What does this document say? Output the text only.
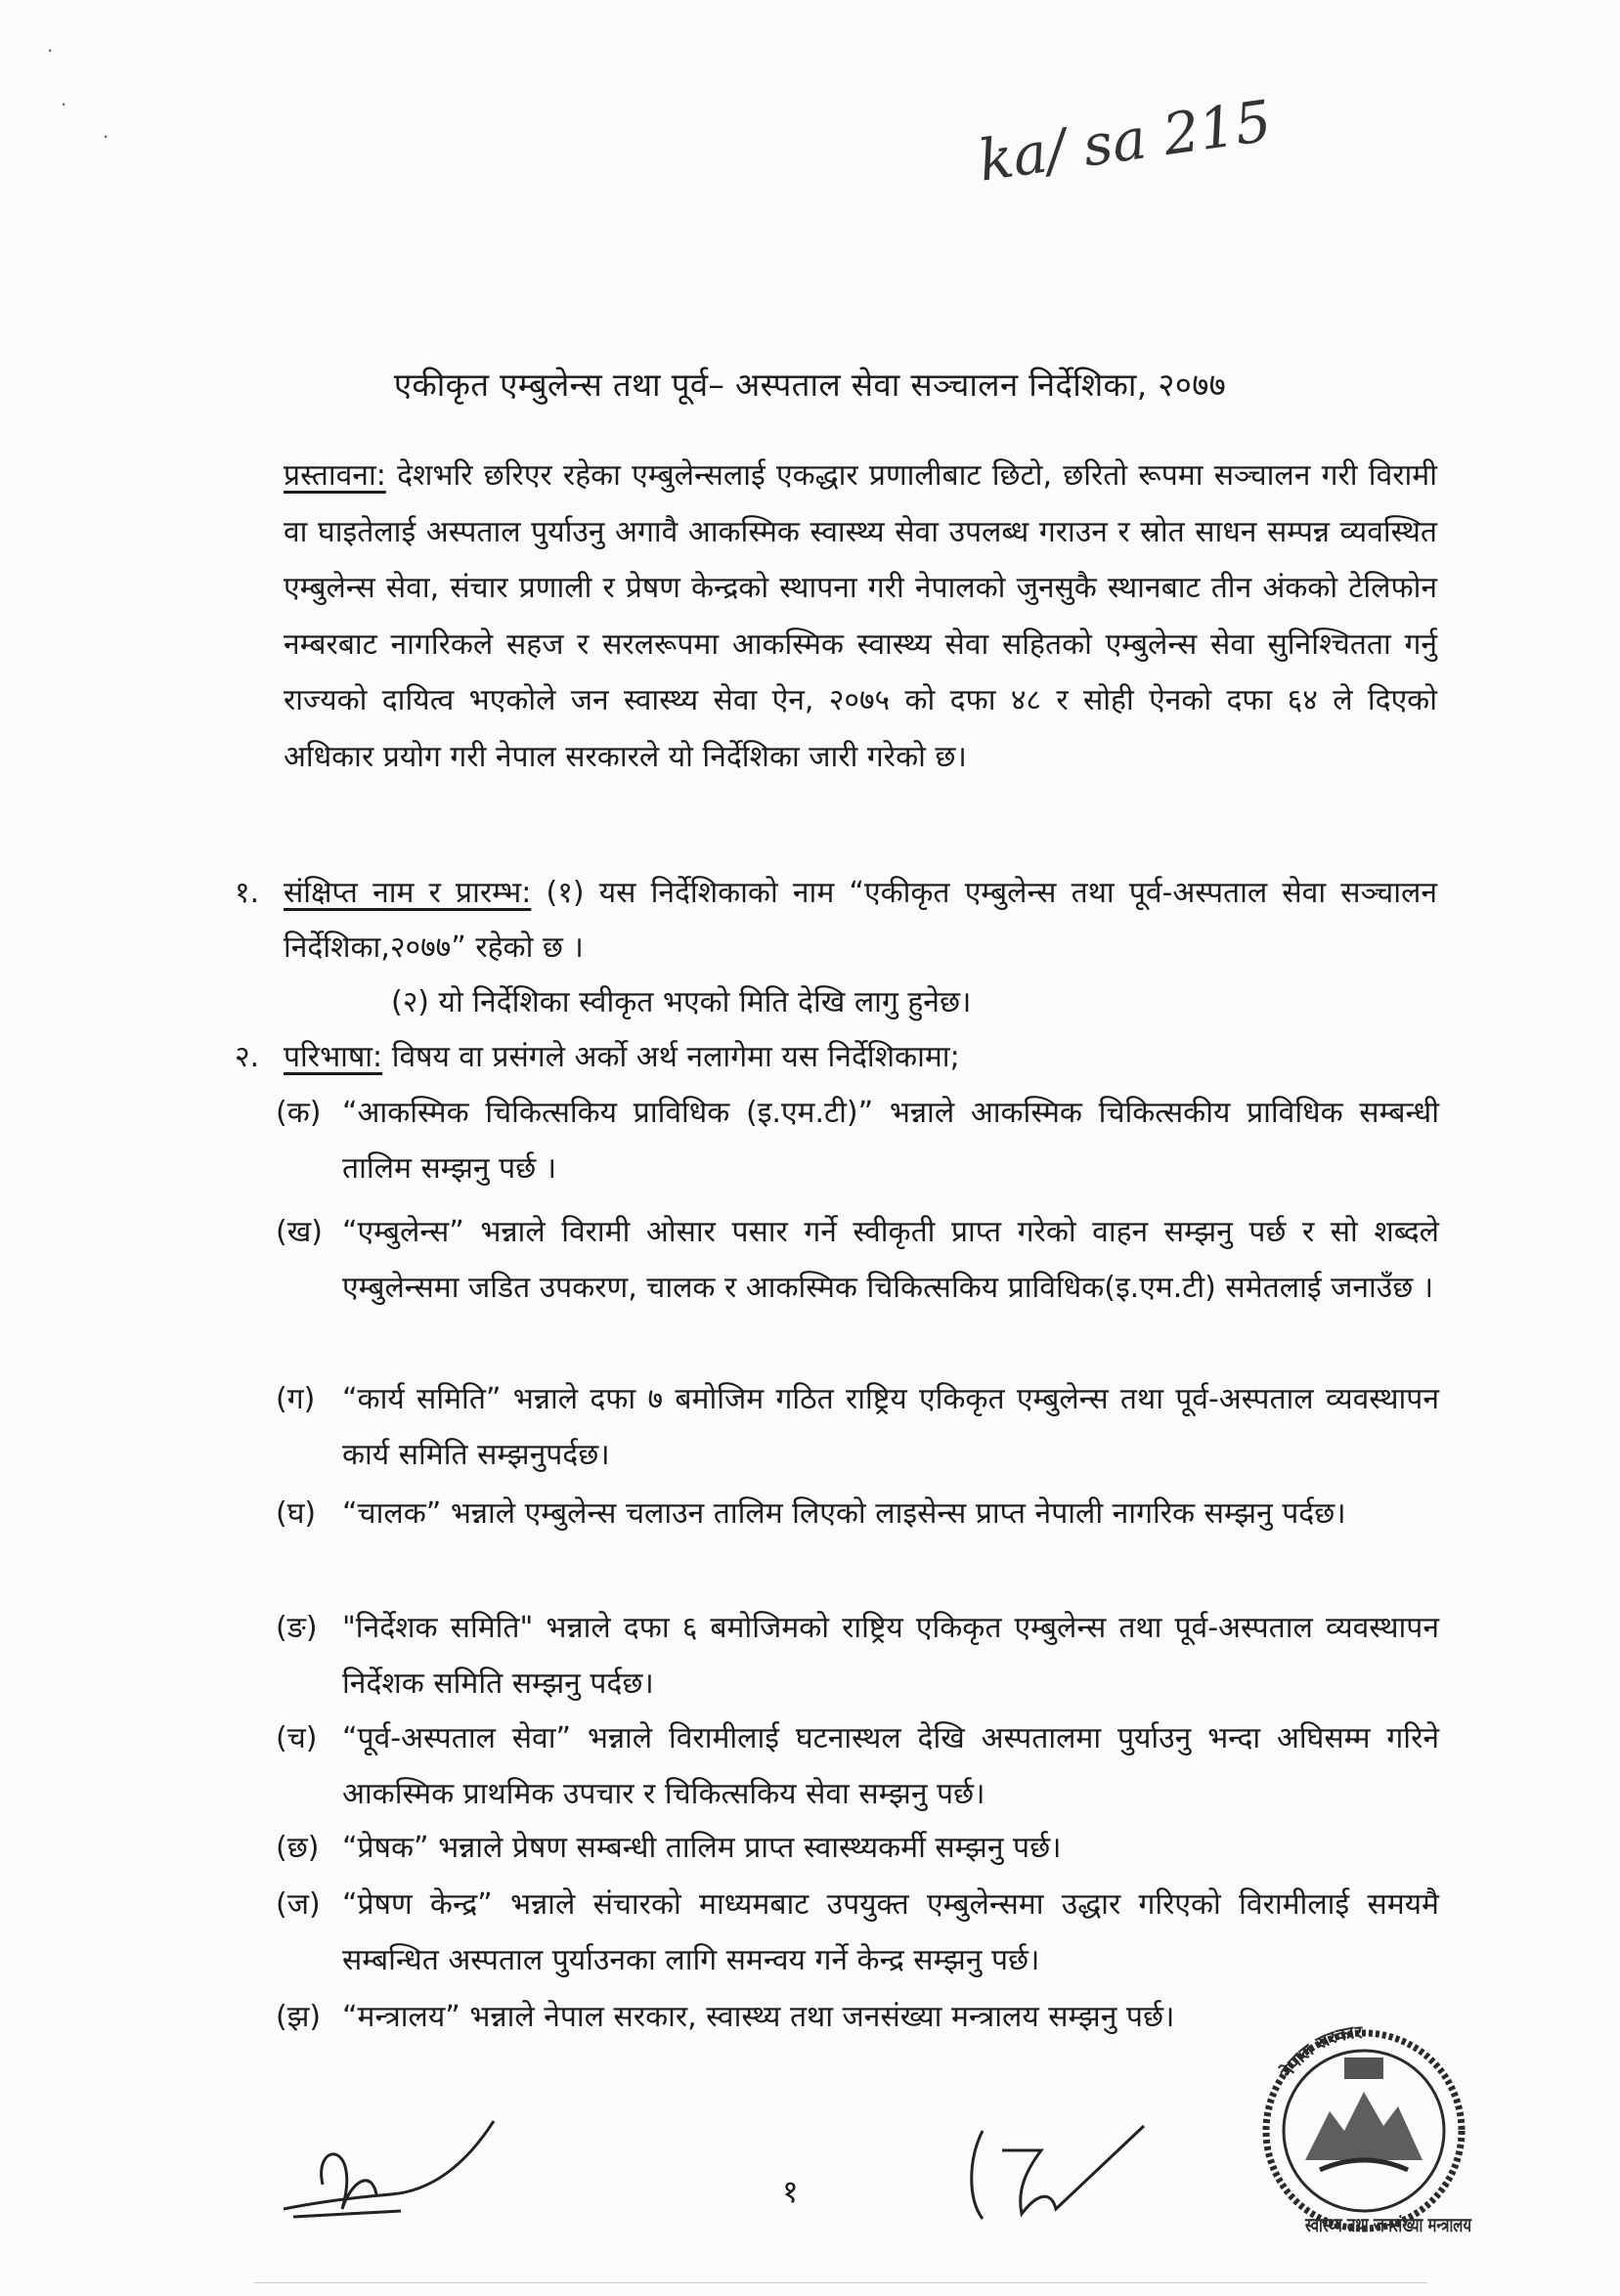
·
·
·	ka/ sa 215
एकीकृत एम्बुलेन्स तथा पूर्व– अस्पताल सेवा सञ्चालन निर्देशिका, २०७७
प्रस्तावना: देशभरि छरिएर रहेका एम्बुलेन्सलाई एकद्धार प्रणालीबाट छिटो, छरितो रूपमा सञ्चालन गरी विरामी वा घाइतेलाई अस्पताल पुर्याउनु अगावै आकस्मिक स्वास्थ्य सेवा उपलब्ध गराउन र स्रोत साधन सम्पन्न व्यवस्थित एम्बुलेन्स सेवा, संचार प्रणाली र प्रेषण केन्द्रको स्थापना गरी नेपालको जुनसुकै स्थानबाट तीन अंकको टेलिफोन नम्बरबाट नागरिकले सहज र सरलरूपमा आकस्मिक स्वास्थ्य सेवा सहितको एम्बुलेन्स सेवा सुनिश्चितता गर्नु राज्यको दायित्व भएकोले जन स्वास्थ्य सेवा ऐन, २०७५ को दफा ४८ र सोही ऐनको दफा ६४ ले दिएको अधिकार प्रयोग गरी नेपाल सरकारले यो निर्देशिका जारी गरेको छ।
१. संक्षिप्त नाम र प्रारम्भ: (१) यस निर्देशिकाको नाम “एकीकृत एम्बुलेन्स तथा पूर्व-अस्पताल सेवा सञ्चालन निर्देशिका,२०७७” रहेको छ ।
(२) यो निर्देशिका स्वीकृत भएको मिति देखि लागु हुनेछ।
२. परिभाषा: विषय वा प्रसंगले अर्को अर्थ नलागेमा यस निर्देशिकामा;
(क) “आकस्मिक चिकित्सकिय प्राविधिक (इ.एम.टी)” भन्नाले आकस्मिक चिकित्सकीय प्राविधिक सम्बन्धी तालिम सम्झनु पर्छ ।
(ख) “एम्बुलेन्स” भन्नाले विरामी ओसार पसार गर्ने स्वीकृती प्राप्त गरेको वाहन सम्झनु पर्छ र सो शब्दले एम्बुलेन्समा जडित उपकरण, चालक र आकस्मिक चिकित्सकिय प्राविधिक(इ.एम.टी) समेतलाई जनाउँछ ।
(ग) “कार्य समिति” भन्नाले दफा ७ बमोजिम गठित राष्ट्रिय एकिकृत एम्बुलेन्स तथा पूर्व-अस्पताल व्यवस्थापन कार्य समिति सम्झनुपर्दछ।
(घ) “चालक” भन्नाले एम्बुलेन्स चलाउन तालिम लिएको लाइसेन्स प्राप्त नेपाली नागरिक सम्झनु पर्दछ।
(ङ) "निर्देशक समिति" भन्नाले दफा ६ बमोजिमको राष्ट्रिय एकिकृत एम्बुलेन्स तथा पूर्व-अस्पताल व्यवस्थापन निर्देशक समिति सम्झनु पर्दछ।
(च) “पूर्व-अस्पताल सेवा” भन्नाले विरामीलाई घटनास्थल देखि अस्पतालमा पुर्याउनु भन्दा अघिसम्म गरिने आकस्मिक प्राथमिक उपचार र चिकित्सकिय सेवा सम्झनु पर्छ।
(छ) “प्रेषक” भन्नाले प्रेषण सम्बन्धी तालिम प्राप्त स्वास्थ्यकर्मी सम्झनु पर्छ।
(ज) “प्रेषण केन्द्र” भन्नाले संचारको माध्यमबाट उपयुक्त एम्बुलेन्समा उद्धार गरिएको विरामीलाई समयमै सम्बन्धित अस्पताल पुर्याउनका लागि समन्वय गर्ने केन्द्र सम्झनु पर्छ।
(झ) “मन्त्रालय” भन्नाले नेपाल सरकार, स्वास्थ्य तथा जनसंख्या मन्त्रालय सम्झनु पर्छ।
नेपाल सरकार
स्वास्थ्य तथा जनसंख्या मन्त्रालय
१
